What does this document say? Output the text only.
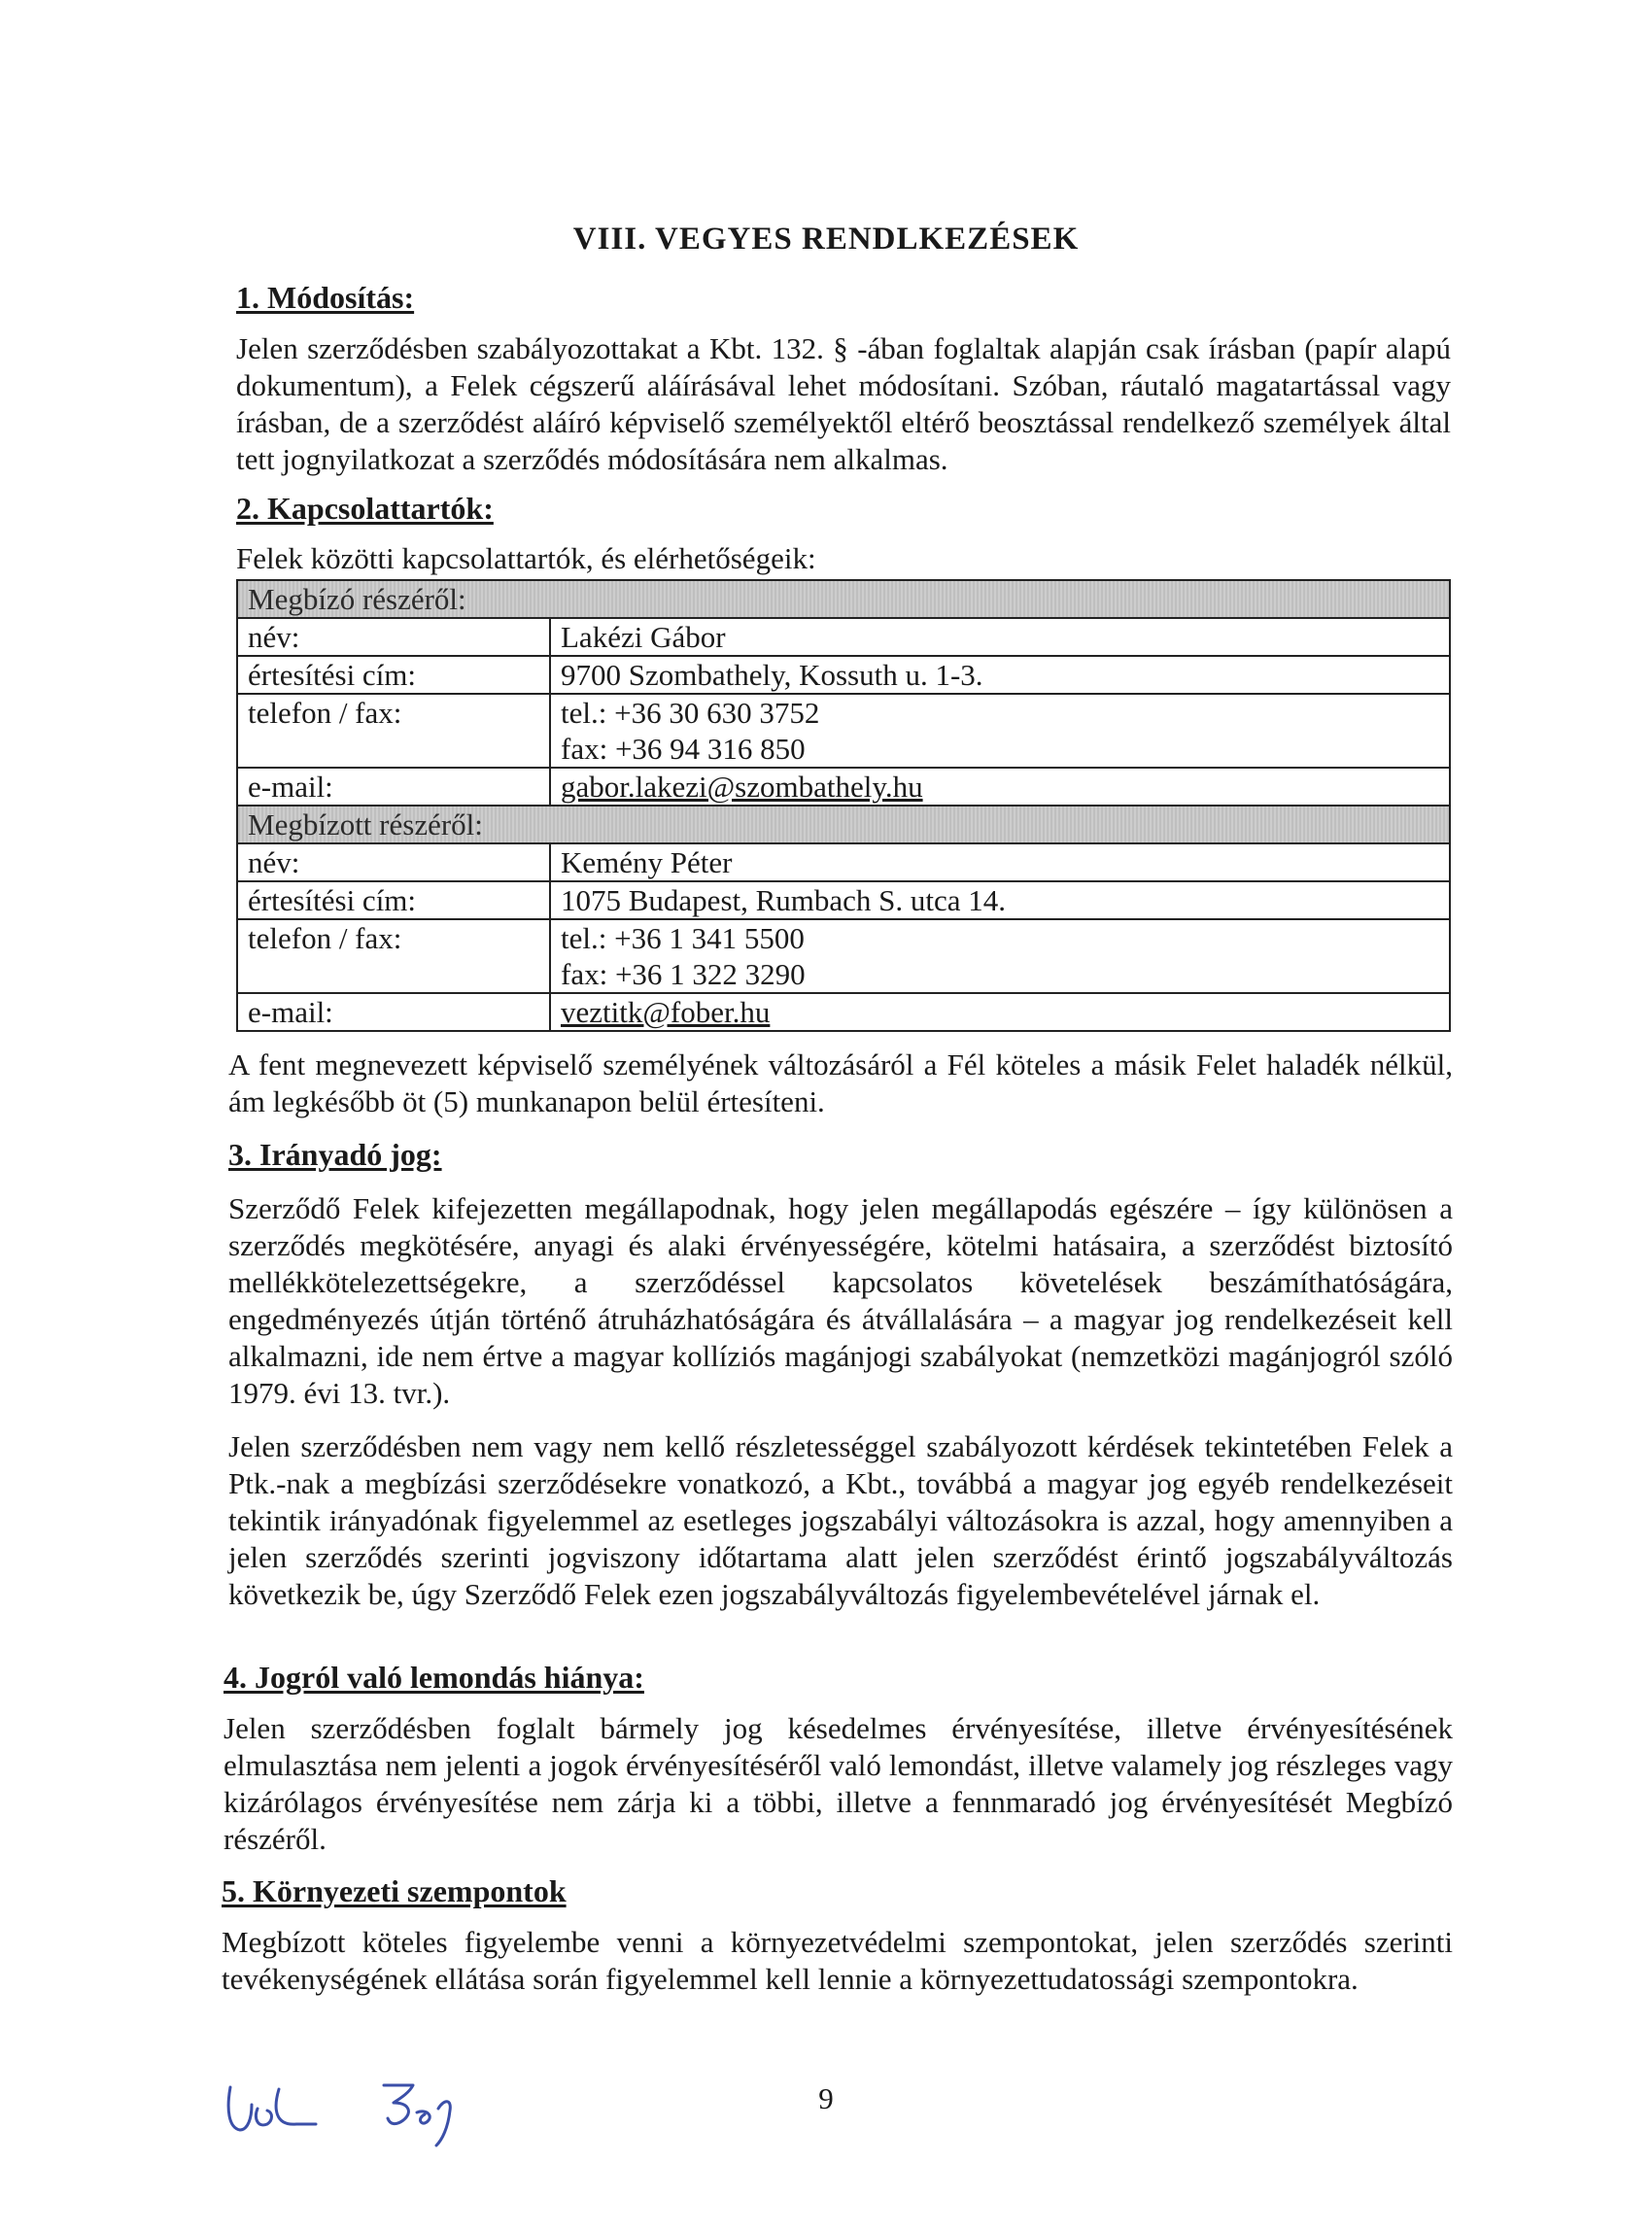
VIII. VEGYES RENDLKEZÉSEK
1. Módosítás:

Jelen szerződésben szabályozottakat a Kbt. 132. § -ában foglaltak alapján csak írásban (papír alapú dokumentum), a Felek cégszerű aláírásával lehet módosítani. Szóban, ráutaló magatartással vagy írásban, de a szerződést aláíró képviselő személyektől eltérő beosztással rendelkező személyek által tett jognyilatkozat a szerződés módosítására nem alkalmas.

2. Kapcsolattartók:
Felek közötti kapcsolattartók, és elérhetőségeik:
Megbízó részéről:	
név:	Lakézi Gábor
értesítési cím:	9700 Szombathely, Kossuth u. 1-3.
telefon / fax:	tel.: +36 30 630 3752
fax: +36 94 316 850

e-mail:	gabor.lakezi@szombathely.hu
Megbízott részéről:	
név:	Kemény Péter
értesítési cím:	1075 Budapest, Rumbach S. utca 14.
telefon / fax:	tel.: +36 1 341 5500
fax: +36 1 322 3290

e-mail:	veztitk@fober.hu

A fent megnevezett képviselő személyének változásáról a Fél köteles a másik Felet haladék nélkül, ám legkésőbb öt (5) munkanapon belül értesíteni.

3. Irányadó jog:

Szerződő Felek kifejezetten megállapodnak, hogy jelen megállapodás egészére – így különösen a szerződés megkötésére, anyagi és alaki érvényességére, kötelmi hatásaira, a szerződést biztosító mellékkötelezettségekre, a szerződéssel kapcsolatos követelések beszámíthatóságára, engedményezés útján történő átruházhatóságára és átvállalására – a magyar jog rendelkezéseit kell alkalmazni, ide nem értve a magyar kollíziós magánjogi szabályokat (nemzetközi magánjogról szóló 1979. évi 13. tvr.).

Jelen szerződésben nem vagy nem kellő részletességgel szabályozott kérdések tekintetében Felek a Ptk.-nak a megbízási szerződésekre vonatkozó, a Kbt., továbbá a magyar jog egyéb rendelkezéseit tekintik irányadónak figyelemmel az esetleges jogszabályi változásokra is azzal, hogy amennyiben a jelen szerződés szerinti jogviszony időtartama alatt jelen szerződést érintő jogszabályváltozás következik be, úgy Szerződő Felek ezen jogszabályváltozás figyelembevételével járnak el.

4. Jogról való lemondás hiánya:

Jelen szerződésben foglalt bármely jog késedelmes érvényesítése, illetve érvényesítésének elmulasztása nem jelenti a jogok érvényesítéséről való lemondást, illetve valamely jog részleges vagy kizárólagos érvényesítése nem zárja ki a többi, illetve a fennmaradó jog érvényesítését Megbízó részéről.

5. Környezeti szempontok

Megbízott köteles figyelembe venni a környezetvédelmi szempontokat, jelen szerződés szerinti tevékenységének ellátása során figyelemmel kell lennie a környezettudatossági szempontokra.

9
